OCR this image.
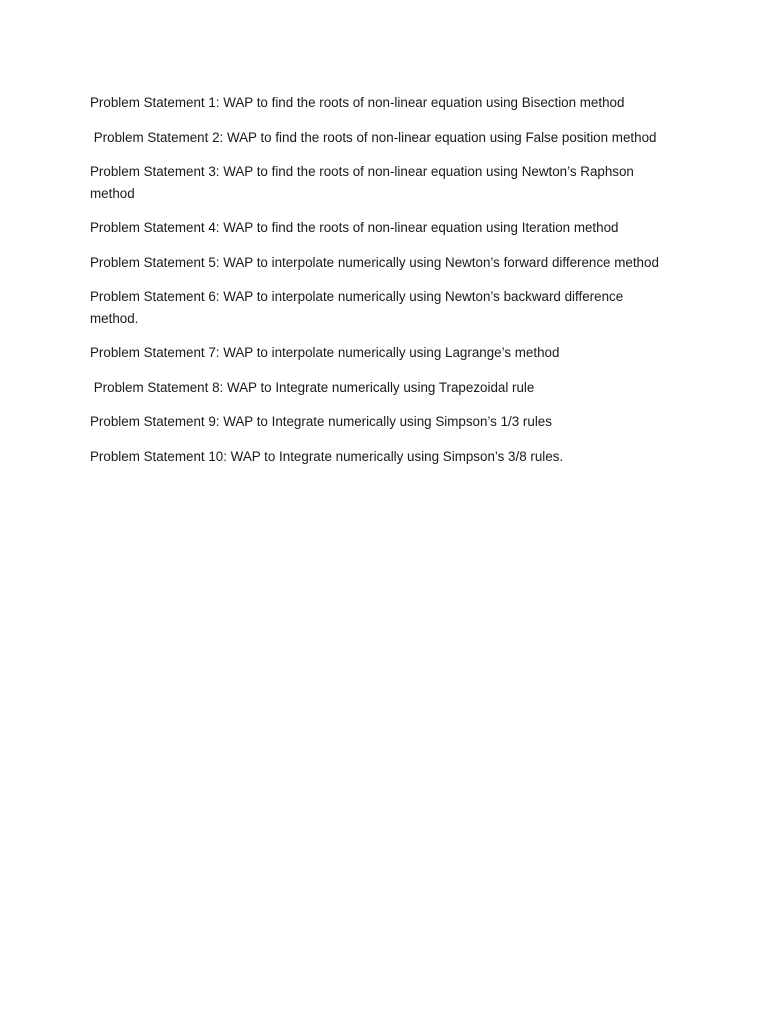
Problem Statement 1: WAP to find the roots of non-linear equation using Bisection method

Problem Statement 2: WAP to find the roots of non-linear equation using False position method

Problem Statement 3: WAP to find the roots of non-linear equation using Newton’s Raphson method

Problem Statement 4: WAP to find the roots of non-linear equation using Iteration method

Problem Statement 5: WAP to interpolate numerically using Newton’s forward difference method

Problem Statement 6: WAP to interpolate numerically using Newton’s backward difference method.

Problem Statement 7: WAP to interpolate numerically using Lagrange’s method

Problem Statement 8: WAP to Integrate numerically using Trapezoidal rule

Problem Statement 9: WAP to Integrate numerically using Simpson’s 1/3 rules

Problem Statement 10: WAP to Integrate numerically using Simpson’s 3/8 rules.
